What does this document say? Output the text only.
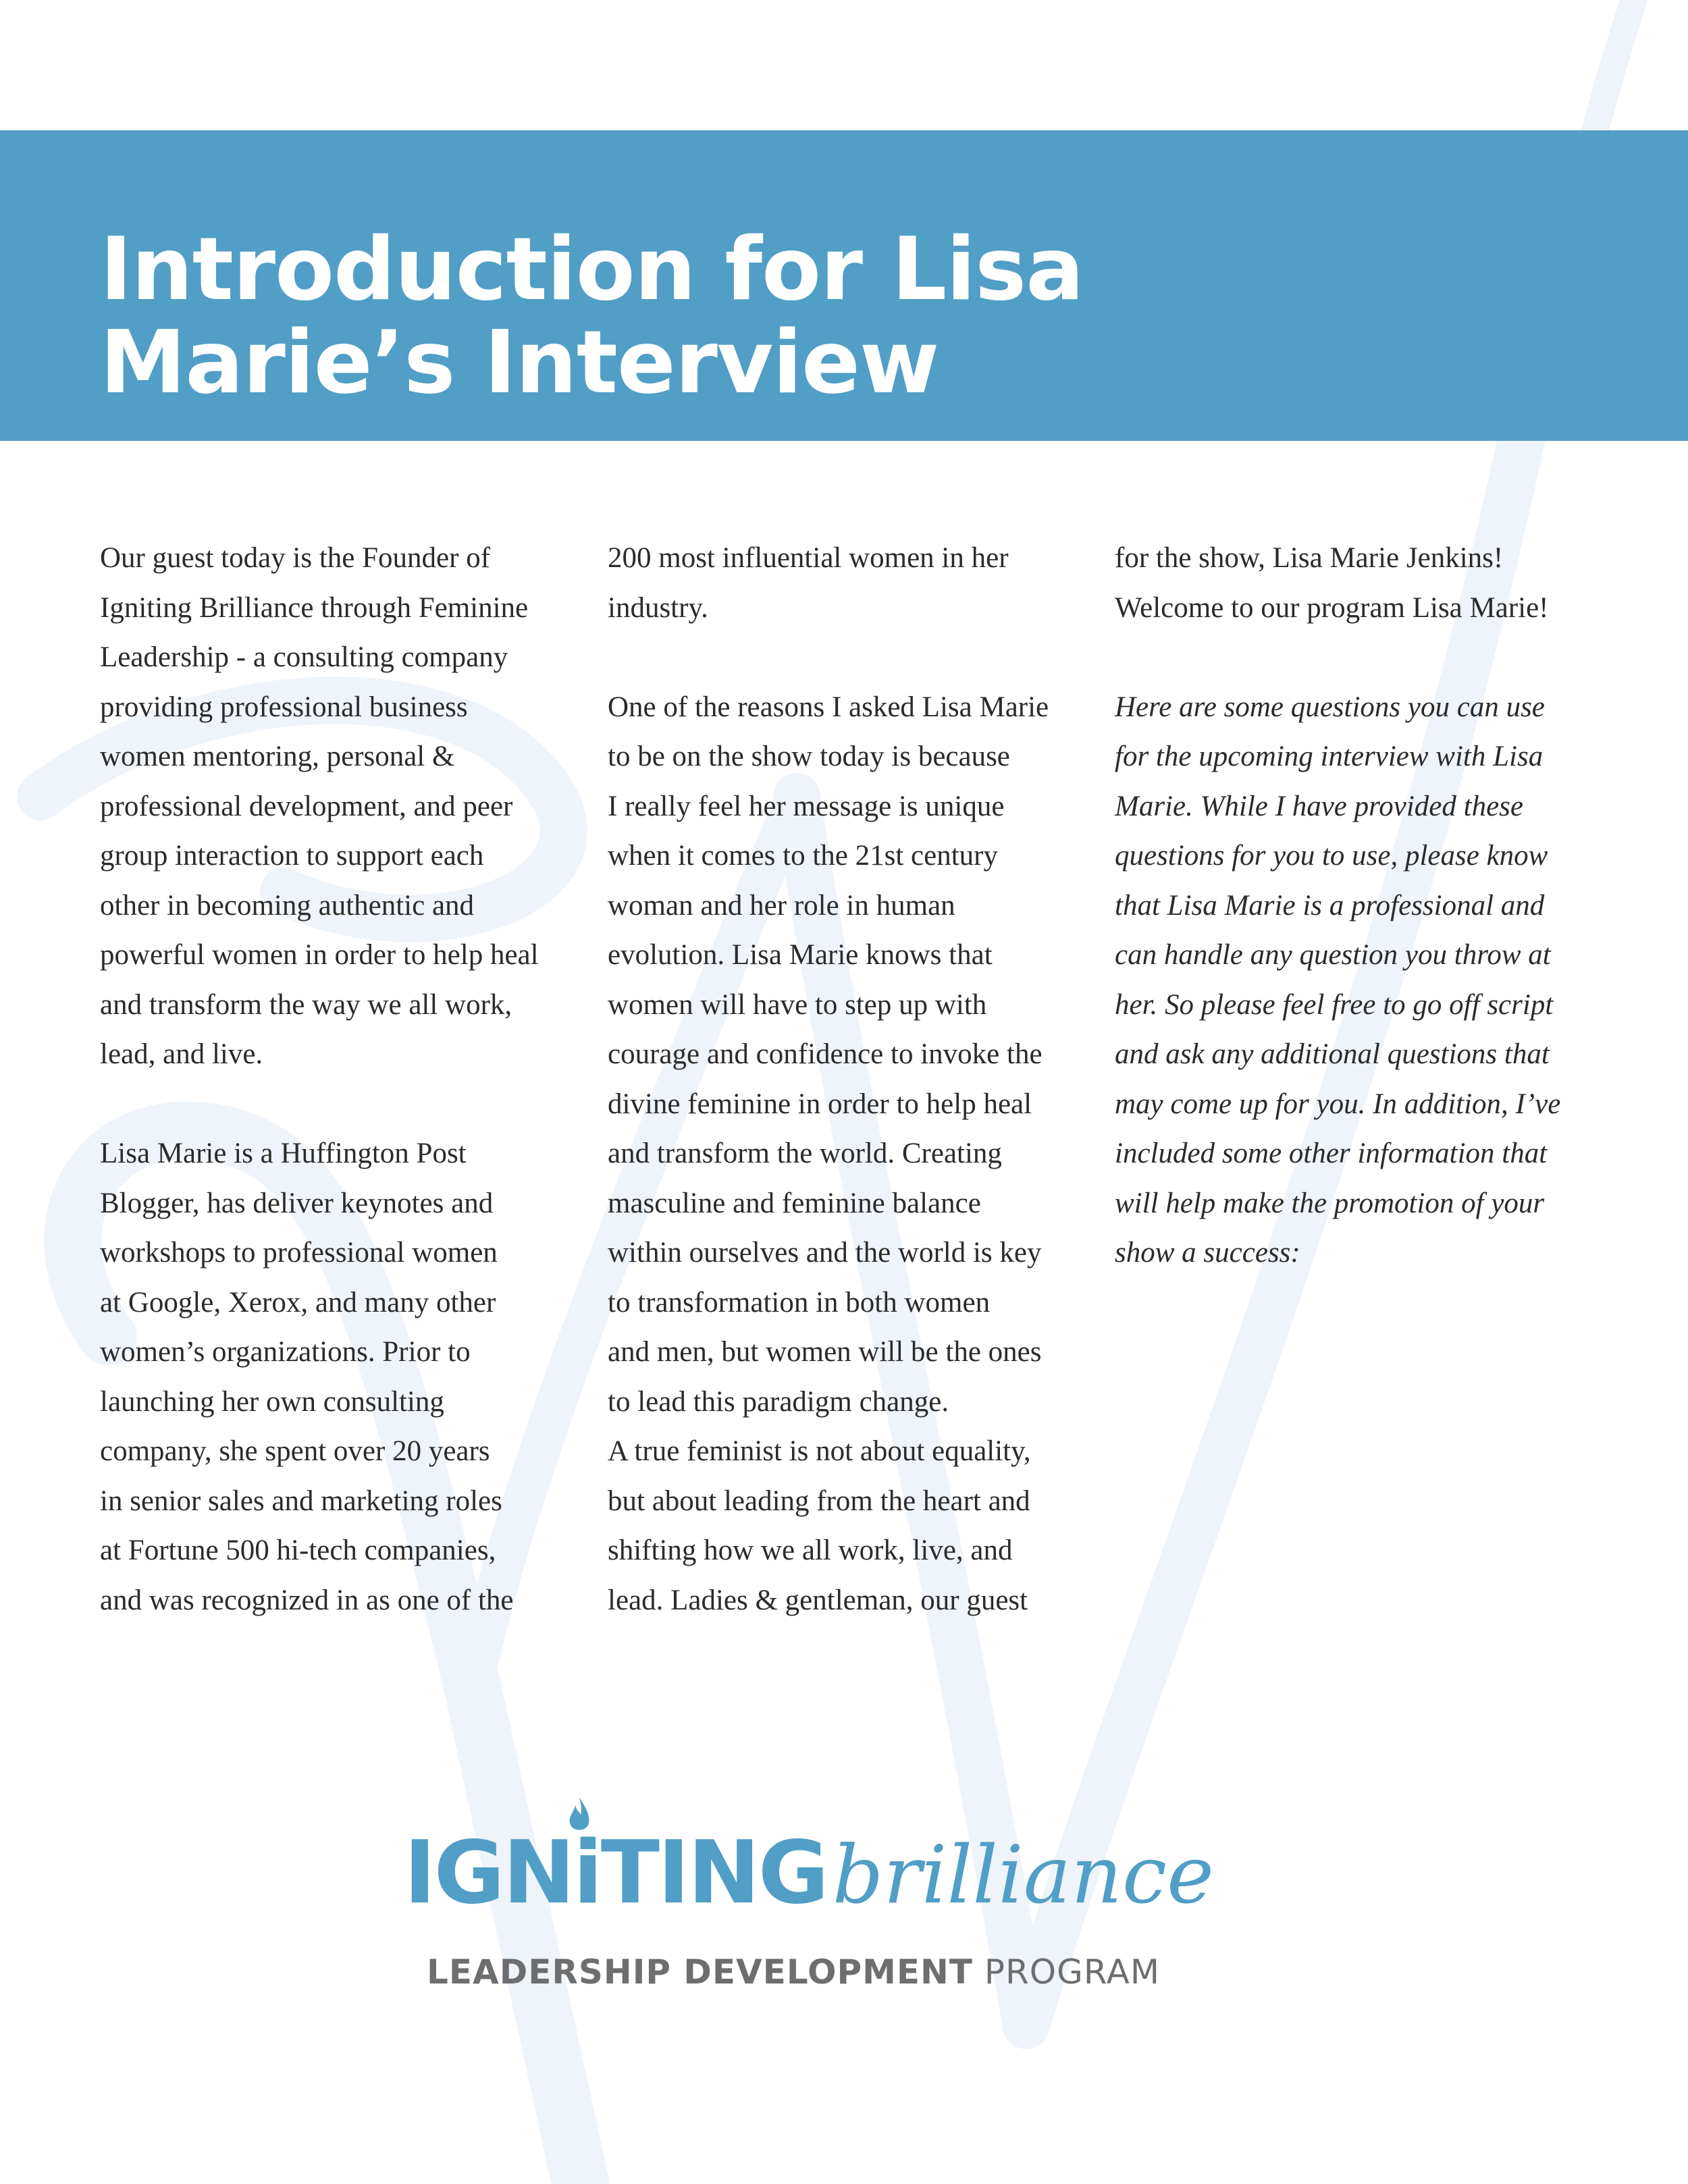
Introduction for Lisa Marie’s Interview

Our guest today is the Founder of
Igniting Brilliance through Feminine
Leadership - a consulting company
providing professional business
women mentoring, personal &
professional development, and peer
group interaction to support each
other in becoming authentic and
powerful women in order to help heal
and transform the way we all work,
lead, and live.

Lisa Marie is a Huffington Post
Blogger, has deliver keynotes and
workshops to professional women
at Google, Xerox, and many other
women’s organizations. Prior to
launching her own consulting
company, she spent over 20 years
in senior sales and marketing roles
at Fortune 500 hi-tech companies,
and was recognized in as one of the

200 most influential women in her
industry.

One of the reasons I asked Lisa Marie
to be on the show today is because
I really feel her message is unique
when it comes to the 21st century
woman and her role in human
evolution. Lisa Marie knows that
women will have to step up with
courage and confidence to invoke the
divine feminine in order to help heal
and transform the world. Creating
masculine and feminine balance
within ourselves and the world is key
to transformation in both women
and men, but women will be the ones
to lead this paradigm change.
A true feminist is not about equality,
but about leading from the heart and
shifting how we all work, live, and
lead. Ladies & gentleman, our guest

for the show, Lisa Marie Jenkins!
Welcome to our program Lisa Marie!

Here are some questions you can use
for the upcoming interview with Lisa
Marie. While I have provided these
questions for you to use, please know
that Lisa Marie is a professional and
can handle any question you throw at
her. So please feel free to go off script
and ask any additional questions that
may come up for you. In addition, I’ve
included some other information that
will help make the promotion of your
show a success:

IGNiTINGbrilliance
LEADERSHIP DEVELOPMENT PROGRAM
